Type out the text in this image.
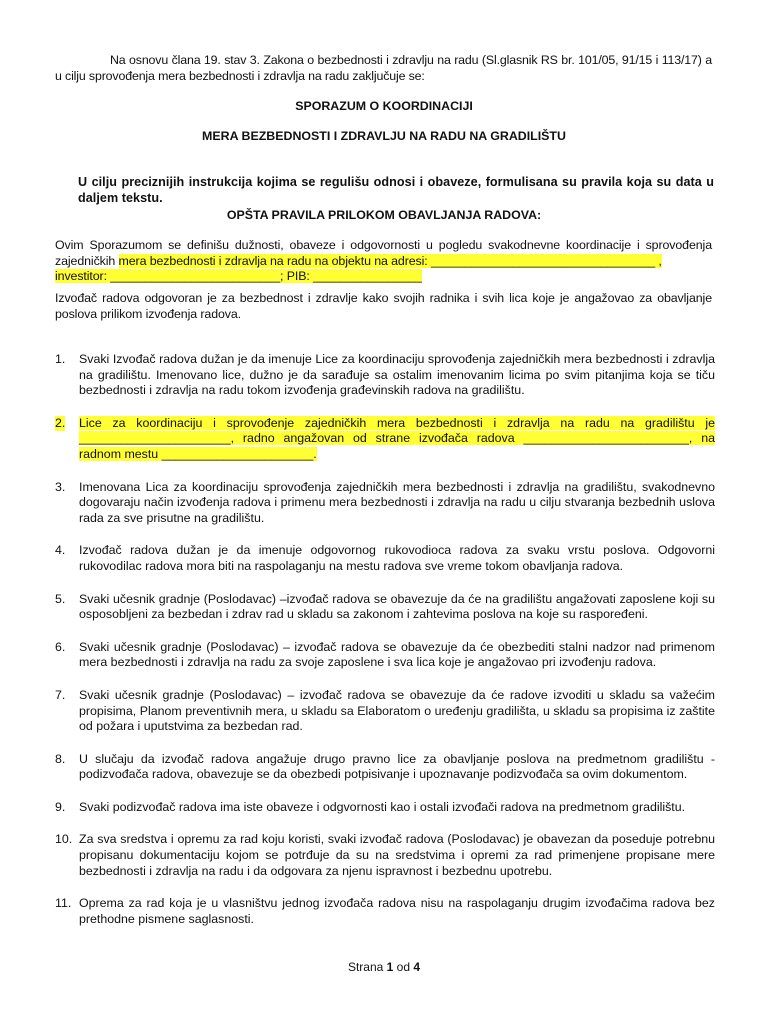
Na osnovu člana 19. stav 3. Zakona o bezbednosti i zdravlju na radu (Sl.glasnik RS br. 101/05, 91/15 i 113/17) a u cilju sprovođenja mera bezbednosti i zdravlja na radu zaključuje se:
SPORAZUM O KOORDINACIJI
MERA BEZBEDNOSTI I ZDRAVLJU NA RADU NA GRADILIŠTU
U cilju preciznijih instrukcija kojima se regulišu odnosi i obaveze, formulisana su pravila koja su data u daljem tekstu.
OPŠTA PRAVILA PRILOKOM OBAVLJANJA RADOVA:
Ovim Sporazumom se definišu dužnosti, obaveze i odgovornosti u pogledu svakodnevne koordinacije i sprovođenja zajedničkih mera bezbednosti i zdravlja na radu na objektu na adresi: _________________________________ ,
investitor: _________________________; PIB: ________________
Izvođač radova odgovoran je za bezbednost i zdravlje kako svojih radnika i svih lica koje je angažovao za obavljanje poslova prilikom izvođenja radova.
1. Svaki Izvođač radova dužan je da imenuje Lice za koordinaciju sprovođenja zajedničkih mera bezbednosti i zdravlja na gradilištu. Imenovano lice, dužno je da sarađuje sa ostalim imenovanim licima po svim pitanjima koja se tiču bezbednosti i zdravlja na radu tokom izvođenja građevinskih radova na gradilištu.
2. Lice za koordinaciju i sprovođenje zajedničkih mera bezbednosti i zdravlja na radu na gradilištu je ______________________, radno angažovan od strane izvođača radova ________________________, na radnom mestu ______________________.
3. Imenovana Lica za koordinaciju sprovođenja zajedničkih mera bezbednosti i zdravlja na gradilištu, svakodnevno dogovaraju način izvođenja radova i primenu mera bezbednosti i zdravlja na radu u cilju stvaranja bezbednih uslova rada za sve prisutne na gradilištu.
4. Izvođač radova dužan je da imenuje odgovornog rukovodioca radova za svaku vrstu poslova. Odgovorni rukovodilac radova mora biti na raspolaganju na mestu radova sve vreme tokom obavljanja radova.
5. Svaki učesnik gradnje (Poslodavac) –izvođač radova se obavezuje da će na gradilištu angažovati zaposlene koji su osposobljeni za bezbedan i zdrav rad u skladu sa zakonom i zahtevima poslova na koje su raspoređeni.
6. Svaki učesnik gradnje (Poslodavac) – izvođač radova se obavezuje da će obezbediti stalni nadzor nad primenom mera bezbednosti i zdravlja na radu za svoje zaposlene i sva lica koje je angažovao pri izvođenju radova.
7. Svaki učesnik gradnje (Poslodavac) – izvođač radova se obavezuje da će radove izvoditi u skladu sa važećim propisima, Planom preventivnih mera, u skladu sa Elaboratom o uređenju gradilišta, u skladu sa propisima iz zaštite od požara i uputstvima za bezbedan rad.
8. U slučaju da izvođač radova angažuje drugo pravno lice za obavljanje poslova na predmetnom gradilištu - podizvođača radova, obavezuje se da obezbedi potpisivanje i upoznavanje podizvođača sa ovim dokumentom.
9. Svaki podizvođač radova ima iste obaveze i odgvornosti kao i ostali izvođači radova na predmetnom gradilištu.
10. Za sva sredstva i opremu za rad koju koristi, svaki izvođač radova (Poslodavac) je obavezan da poseduje potrebnu propisanu dokumentaciju kojom se potrđuje da su na sredstvima i opremi za rad primenjene propisane mere bezbednosti i zdravlja na radu i da odgovara za njenu ispravnost i bezbednu upotrebu.
11. Oprema za rad koja je u vlasništvu jednog izvođača radova nisu na raspolaganju drugim izvođačima radova bez prethodne pismene saglasnosti.
Strana 1 od 4
